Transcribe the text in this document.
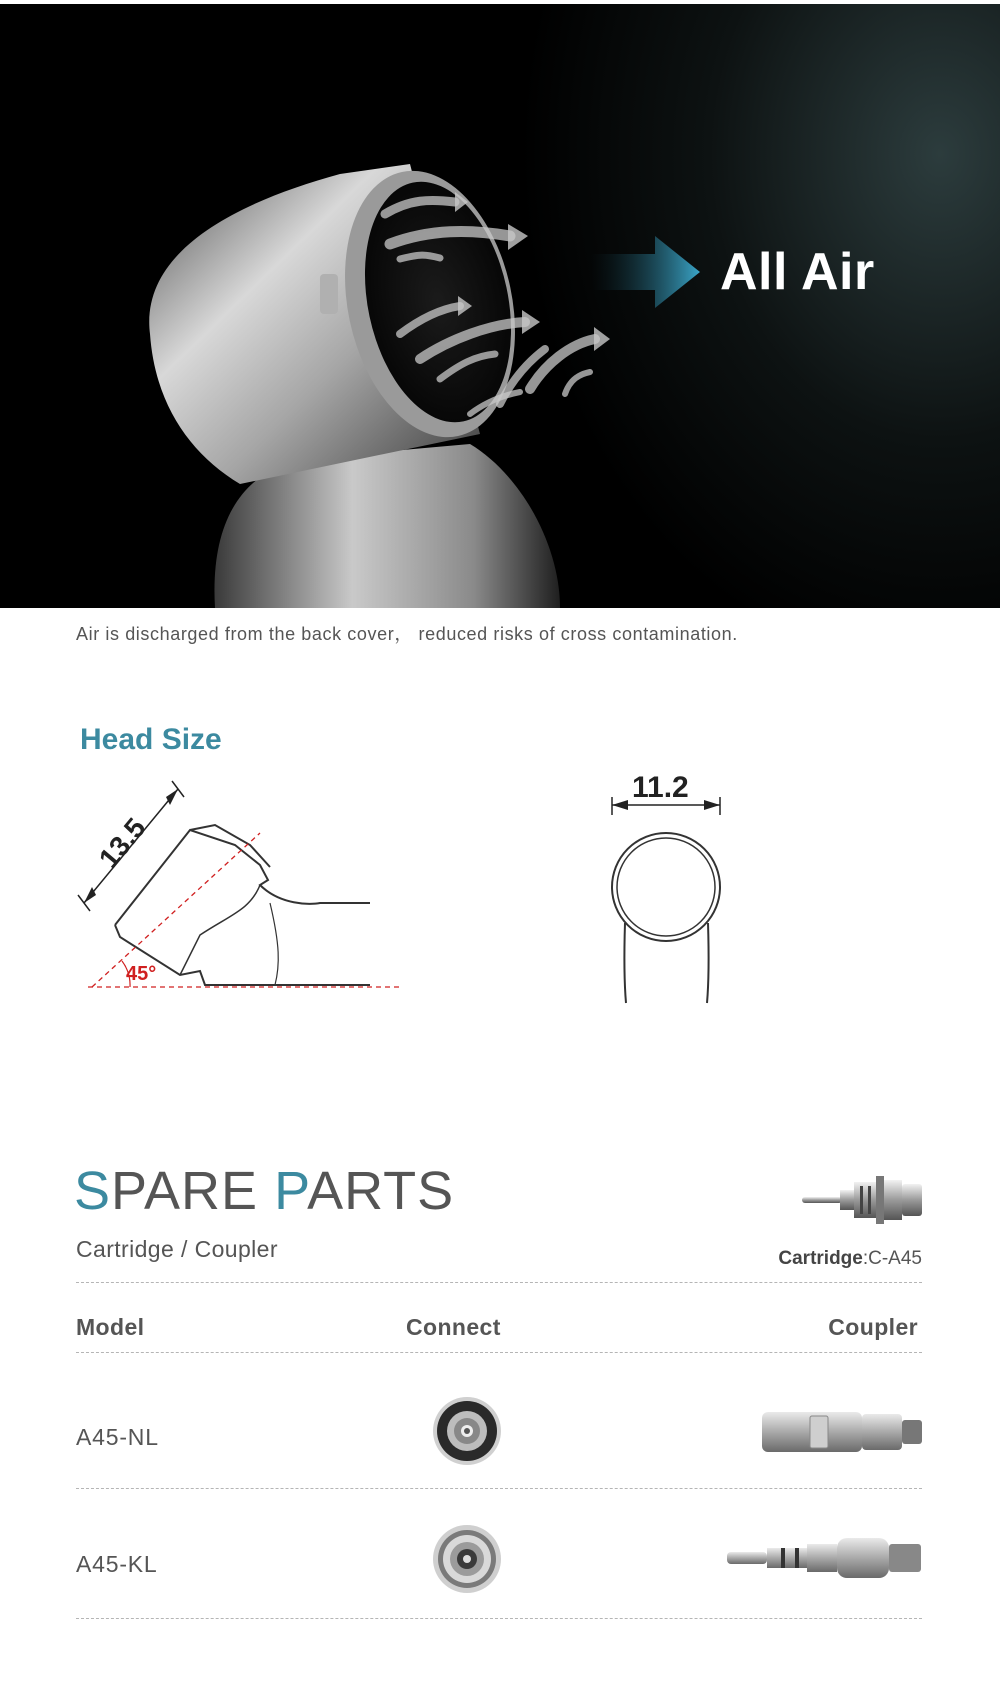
All Air
Air is discharged from the back cover， reduced risks of cross contamination.
Head Size
45°
13.5
11.2
SPARE PARTS
Cartridge / Coupler	Cartridge:C-A45
Model	Connect	Coupler
A45-NL
A45-KL
